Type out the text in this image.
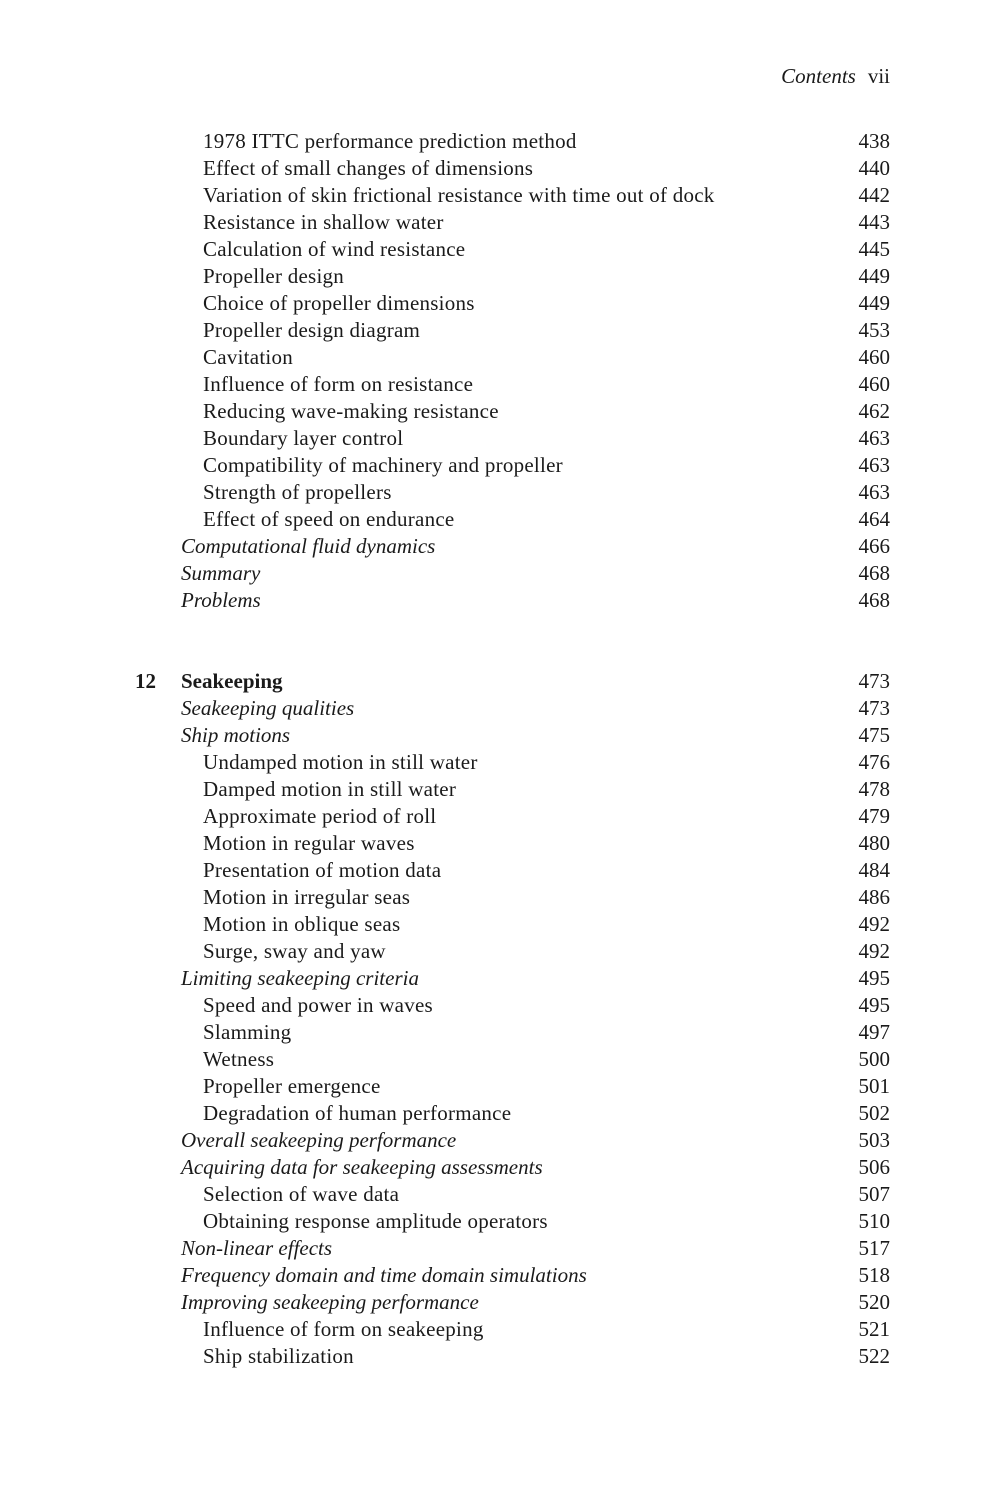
Contents vii
1978 ITTC performance prediction method	438
Effect of small changes of dimensions	440
Variation of skin frictional resistance with time out of dock	442
Resistance in shallow water	443
Calculation of wind resistance	445
Propeller design	449
Choice of propeller dimensions	449
Propeller design diagram	453
Cavitation	460
Influence of form on resistance	460
Reducing wave-making resistance	462
Boundary layer control	463
Compatibility of machinery and propeller	463
Strength of propellers	463
Effect of speed on endurance	464
Computational fluid dynamics	466
Summary	468
Problems	468
12 Seakeeping	473
Seakeeping qualities	473
Ship motions	475
Undamped motion in still water	476
Damped motion in still water	478
Approximate period of roll	479
Motion in regular waves	480
Presentation of motion data	484
Motion in irregular seas	486
Motion in oblique seas	492
Surge, sway and yaw	492
Limiting seakeeping criteria	495
Speed and power in waves	495
Slamming	497
Wetness	500
Propeller emergence	501
Degradation of human performance	502
Overall seakeeping performance	503
Acquiring data for seakeeping assessments	506
Selection of wave data	507
Obtaining response amplitude operators	510
Non-linear effects	517
Frequency domain and time domain simulations	518
Improving seakeeping performance	520
Influence of form on seakeeping	521
Ship stabilization	522
